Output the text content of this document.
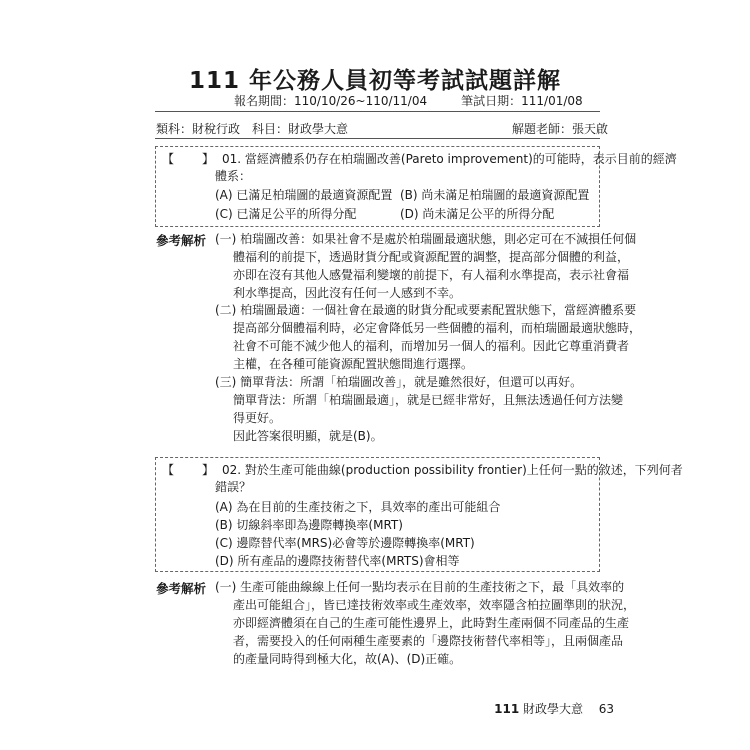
111 年公務人員初等考試試題詳解
報名期間：110/10/26~110/11/04	筆試日期：111/01/08
類科：財稅行政　科目：財政學大意	解題老師：張天啟
【　】01. 當經濟體系仍存在柏瑞圖改善(Pareto improvement)的可能時，表示目前的經濟
體系：
(A) 已滿足柏瑞圖的最適資源配置 (B) 尚未滿足柏瑞圖的最適資源配置
(C) 已滿足公平的所得分配	(D) 尚未滿足公平的所得分配
參考解析 (一) 柏瑞圖改善：如果社會不是處於柏瑞圖最適狀態，則必定可在不減損任何個
體福利的前提下，透過財貨分配或資源配置的調整，提高部分個體的利益，
亦即在沒有其他人感覺福利變壞的前提下，有人福利水準提高，表示社會福
利水準提高，因此沒有任何一人感到不幸。
(二) 柏瑞圖最適：一個社會在最適的財貨分配或要素配置狀態下，當經濟體系要
提高部分個體福利時，必定會降低另一些個體的福利，而柏瑞圖最適狀態時，
社會不可能不減少他人的福利，而增加另一個人的福利。因此它尊重消費者
主權，在各種可能資源配置狀態間進行選擇。
(三) 簡單背法：所謂「柏瑞圖改善」，就是雖然很好，但還可以再好。
簡單背法：所謂「柏瑞圖最適」，就是已經非常好，且無法透過任何方法變
得更好。
因此答案很明顯，就是(B)。
【　】02. 對於生產可能曲線(production possibility frontier)上任何一點的敘述，下列何者
錯誤？
(A) 為在目前的生產技術之下，具效率的產出可能組合
(B) 切線斜率即為邊際轉換率(MRT)
(C) 邊際替代率(MRS)必會等於邊際轉換率(MRT)
(D) 所有產品的邊際技術替代率(MRTS)會相等
參考解析 (一) 生產可能曲線線上任何一點均表示在目前的生產技術之下，最「具效率的
產出可能組合」，皆已達技術效率或生產效率，效率隱含柏拉圖準則的狀況，
亦即經濟體須在自己的生產可能性邊界上，此時對生產兩個不同產品的生產
者，需要投入的任何兩種生產要素的「邊際技術替代率相等」，且兩個產品
的產量同時得到極大化，故(A)、(D)正確。
111 財政學大意 63
